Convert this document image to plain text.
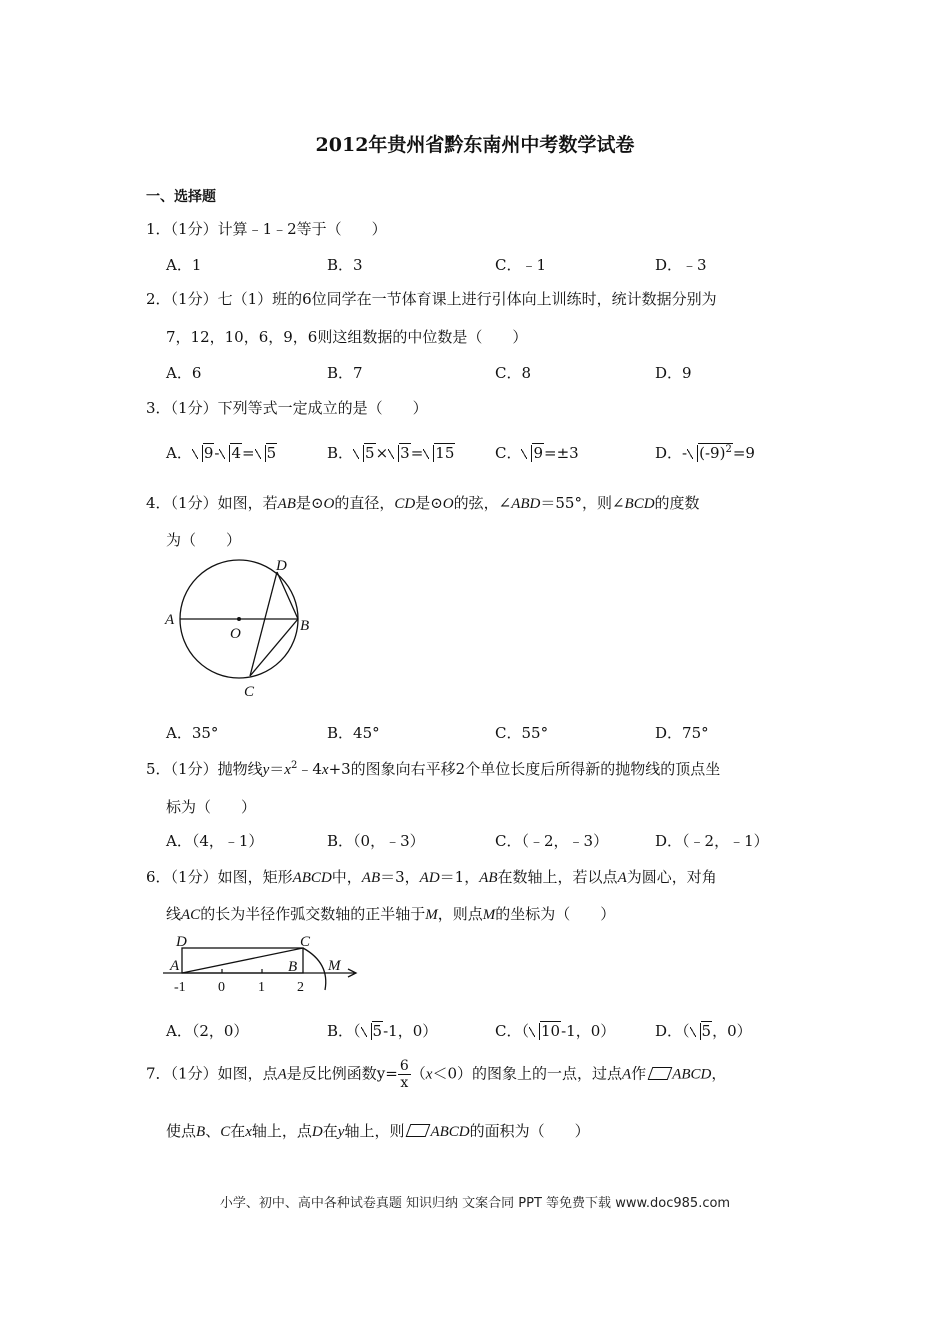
2012年贵州省黔东南州中考数学试卷
一、选择题
1．（1分）计算﹣1﹣2等于（　　）
A．1	B．3	C．﹣1	D．﹣3
2．（1分）七（1）班的6位同学在一节体育课上进行引体向上训练时，统计数据分别为
7，12，10，6，9，6则这组数据的中位数是（　　）
A．6	B．7	C．8	D．9
3．（1分）下列等式一定成立的是（　　）
A． 9- 4= 5	B． 5× 3= 15	C． 9=±3	D．- $(-9)^2=9$
4．（1分）如图，若AB是⊙O的直径，CD是⊙O的弦，∠ABD＝55°，则∠BCD的度数
为（　　）
A	B
C
D
O
A．35°	B．45°	C．55°	D．75°
5．（1分）抛物线$y=x^2﹣4x+3$的图象向右平移2个单位长度后所得新的抛物线的顶点坐
标为（　　）
A．（4，﹣1）	B．（0，﹣3）	C．（﹣2，﹣3）	D．（﹣2，﹣1）
6．（1分）如图，矩形ABCD中，AB＝3，AD＝1，AB在数轴上，若以点A为圆心，对角
线AC的长为半径作弧交数轴的正半轴于M，则点M的坐标为（　　）
D	C
A	B M
-1 0 1 2
A．（2，0）	B．（ 5-1，0）	C．（ 10-1，0）	D．（ 5，0）
7．（1分）如图，点A是反比例函数$y= \frac{6}{x} (x<0)$的图象上的一点，过点A作 ABCD，
使点B、C在x轴上，点D在y轴上，则 ABCD的面积为（　　）
小学、初中、高中各种试卷真题 知识归纳 文案合同 PPT 等免费下载 www.doc985.com
